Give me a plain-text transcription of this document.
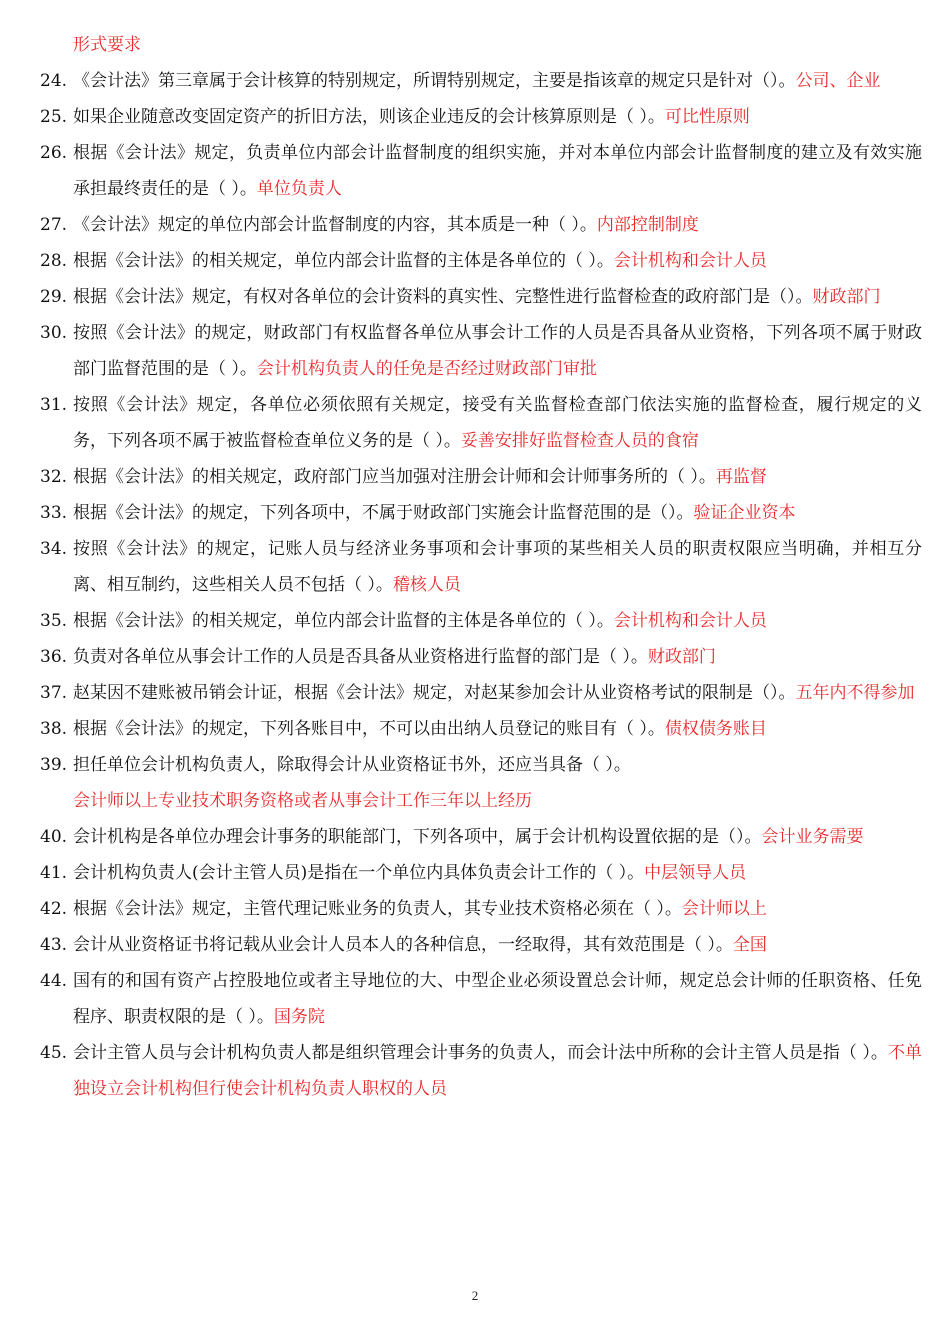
形式要求
24. 《会计法》第三章属于会计核算的特别规定，所谓特别规定，主要是指该章的规定只是针对（）。公司、企业
25. 如果企业随意改变固定资产的折旧方法，则该企业违反的会计核算原则是（ ）。可比性原则
26. 根据《会计法》规定，负责单位内部会计监督制度的组织实施，并对本单位内部会计监督制度的建立及有效实施承担最终责任的是（ ）。单位负责人
27. 《会计法》规定的单位内部会计监督制度的内容，其本质是一种（ ）。内部控制制度
28. 根据《会计法》的相关规定，单位内部会计监督的主体是各单位的（ ）。会计机构和会计人员
29. 根据《会计法》规定，有权对各单位的会计资料的真实性、完整性进行监督检查的政府部门是（）。财政部门
30. 按照《会计法》的规定，财政部门有权监督各单位从事会计工作的人员是否具备从业资格，下列各项不属于财政部门监督范围的是（ ）。会计机构负责人的任免是否经过财政部门审批
31. 按照《会计法》规定，各单位必须依照有关规定，接受有关监督检查部门依法实施的监督检查，履行规定的义务，下列各项不属于被监督检查单位义务的是（ ）。妥善安排好监督检查人员的食宿
32. 根据《会计法》的相关规定，政府部门应当加强对注册会计师和会计师事务所的（ ）。再监督
33. 根据《会计法》的规定，下列各项中，不属于财政部门实施会计监督范围的是（）。验证企业资本
34. 按照《会计法》的规定，记账人员与经济业务事项和会计事项的某些相关人员的职责权限应当明确，并相互分离、相互制约，这些相关人员不包括（ ）。稽核人员
35. 根据《会计法》的相关规定，单位内部会计监督的主体是各单位的（ ）。会计机构和会计人员
36. 负责对各单位从事会计工作的人员是否具备从业资格进行监督的部门是（ ）。财政部门
37. 赵某因不建账被吊销会计证，根据《会计法》规定，对赵某参加会计从业资格考试的限制是（）。五年内不得参加
38. 根据《会计法》的规定，下列各账目中，不可以由出纳人员登记的账目有（ ）。债权债务账目
39. 担任单位会计机构负责人，除取得会计从业资格证书外，还应当具备（ ）。
会计师以上专业技术职务资格或者从事会计工作三年以上经历
40. 会计机构是各单位办理会计事务的职能部门，下列各项中，属于会计机构设置依据的是（）。会计业务需要
41. 会计机构负责人(会计主管人员)是指在一个单位内具体负责会计工作的（ ）。中层领导人员
42. 根据《会计法》规定，主管代理记账业务的负责人，其专业技术资格必须在（ ）。会计师以上
43. 会计从业资格证书将记载从业会计人员本人的各种信息，一经取得，其有效范围是（ ）。全国
44. 国有的和国有资产占控股地位或者主导地位的大、中型企业必须设置总会计师，规定总会计师的任职资格、任免程序、职责权限的是（ ）。国务院
45. 会计主管人员与会计机构负责人都是组织管理会计事务的负责人，而会计法中所称的会计主管人员是指（ ）。不单独设立会计机构但行使会计机构负责人职权的人员
2
